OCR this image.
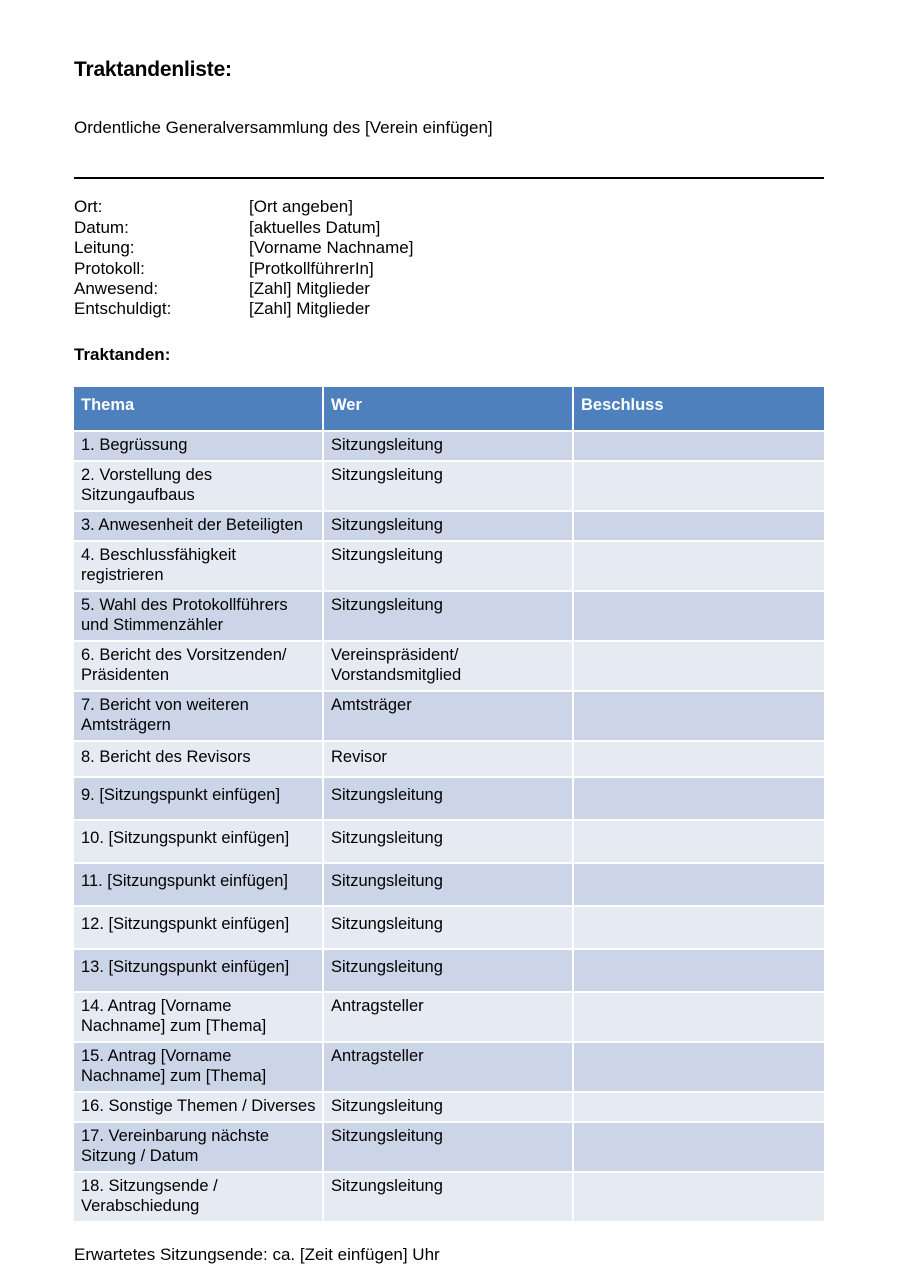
Traktandenliste:

Ordentliche Generalversammlung des [Verein einfügen]

Ort:	[Ort angeben]
Datum:	[aktuelles Datum]
Leitung:	[Vorname Nachname]
Protokoll:	[ProtkollführerIn]
Anwesend:	[Zahl] Mitglieder
Entschuldigt:	[Zahl] Mitglieder
Traktanden:
Thema	Wer	Beschluss
1. Begrüssung	Sitzungsleitung	
2. Vorstellung des Sitzungaufbaus	Sitzungsleitung	
3. Anwesenheit der Beteiligten	Sitzungsleitung	
4. Beschlussfähigkeit registrieren	Sitzungsleitung	
5. Wahl des Protokollführers und Stimmenzähler	Sitzungsleitung	
6. Bericht des Vorsitzenden/ Präsidenten	Vereinspräsident/ Vorstandsmitglied	
7. Bericht von weiteren Amtsträgern	Amtsträger	
8. Bericht des Revisors	Revisor	
9. [Sitzungspunkt einfügen]	Sitzungsleitung	
10. [Sitzungspunkt einfügen]	Sitzungsleitung	
11. [Sitzungspunkt einfügen]	Sitzungsleitung	
12. [Sitzungspunkt einfügen]	Sitzungsleitung	
13. [Sitzungspunkt einfügen]	Sitzungsleitung	
14. Antrag [Vorname Nachname] zum [Thema]	Antragsteller	
15. Antrag [Vorname Nachname] zum [Thema]	Antragsteller	
16. Sonstige Themen / Diverses	Sitzungsleitung	
17. Vereinbarung nächste Sitzung / Datum	Sitzungsleitung	
18. Sitzungsende / Verabschiedung	Sitzungsleitung	

Erwartetes Sitzungsende: ca. [Zeit einfügen] Uhr
